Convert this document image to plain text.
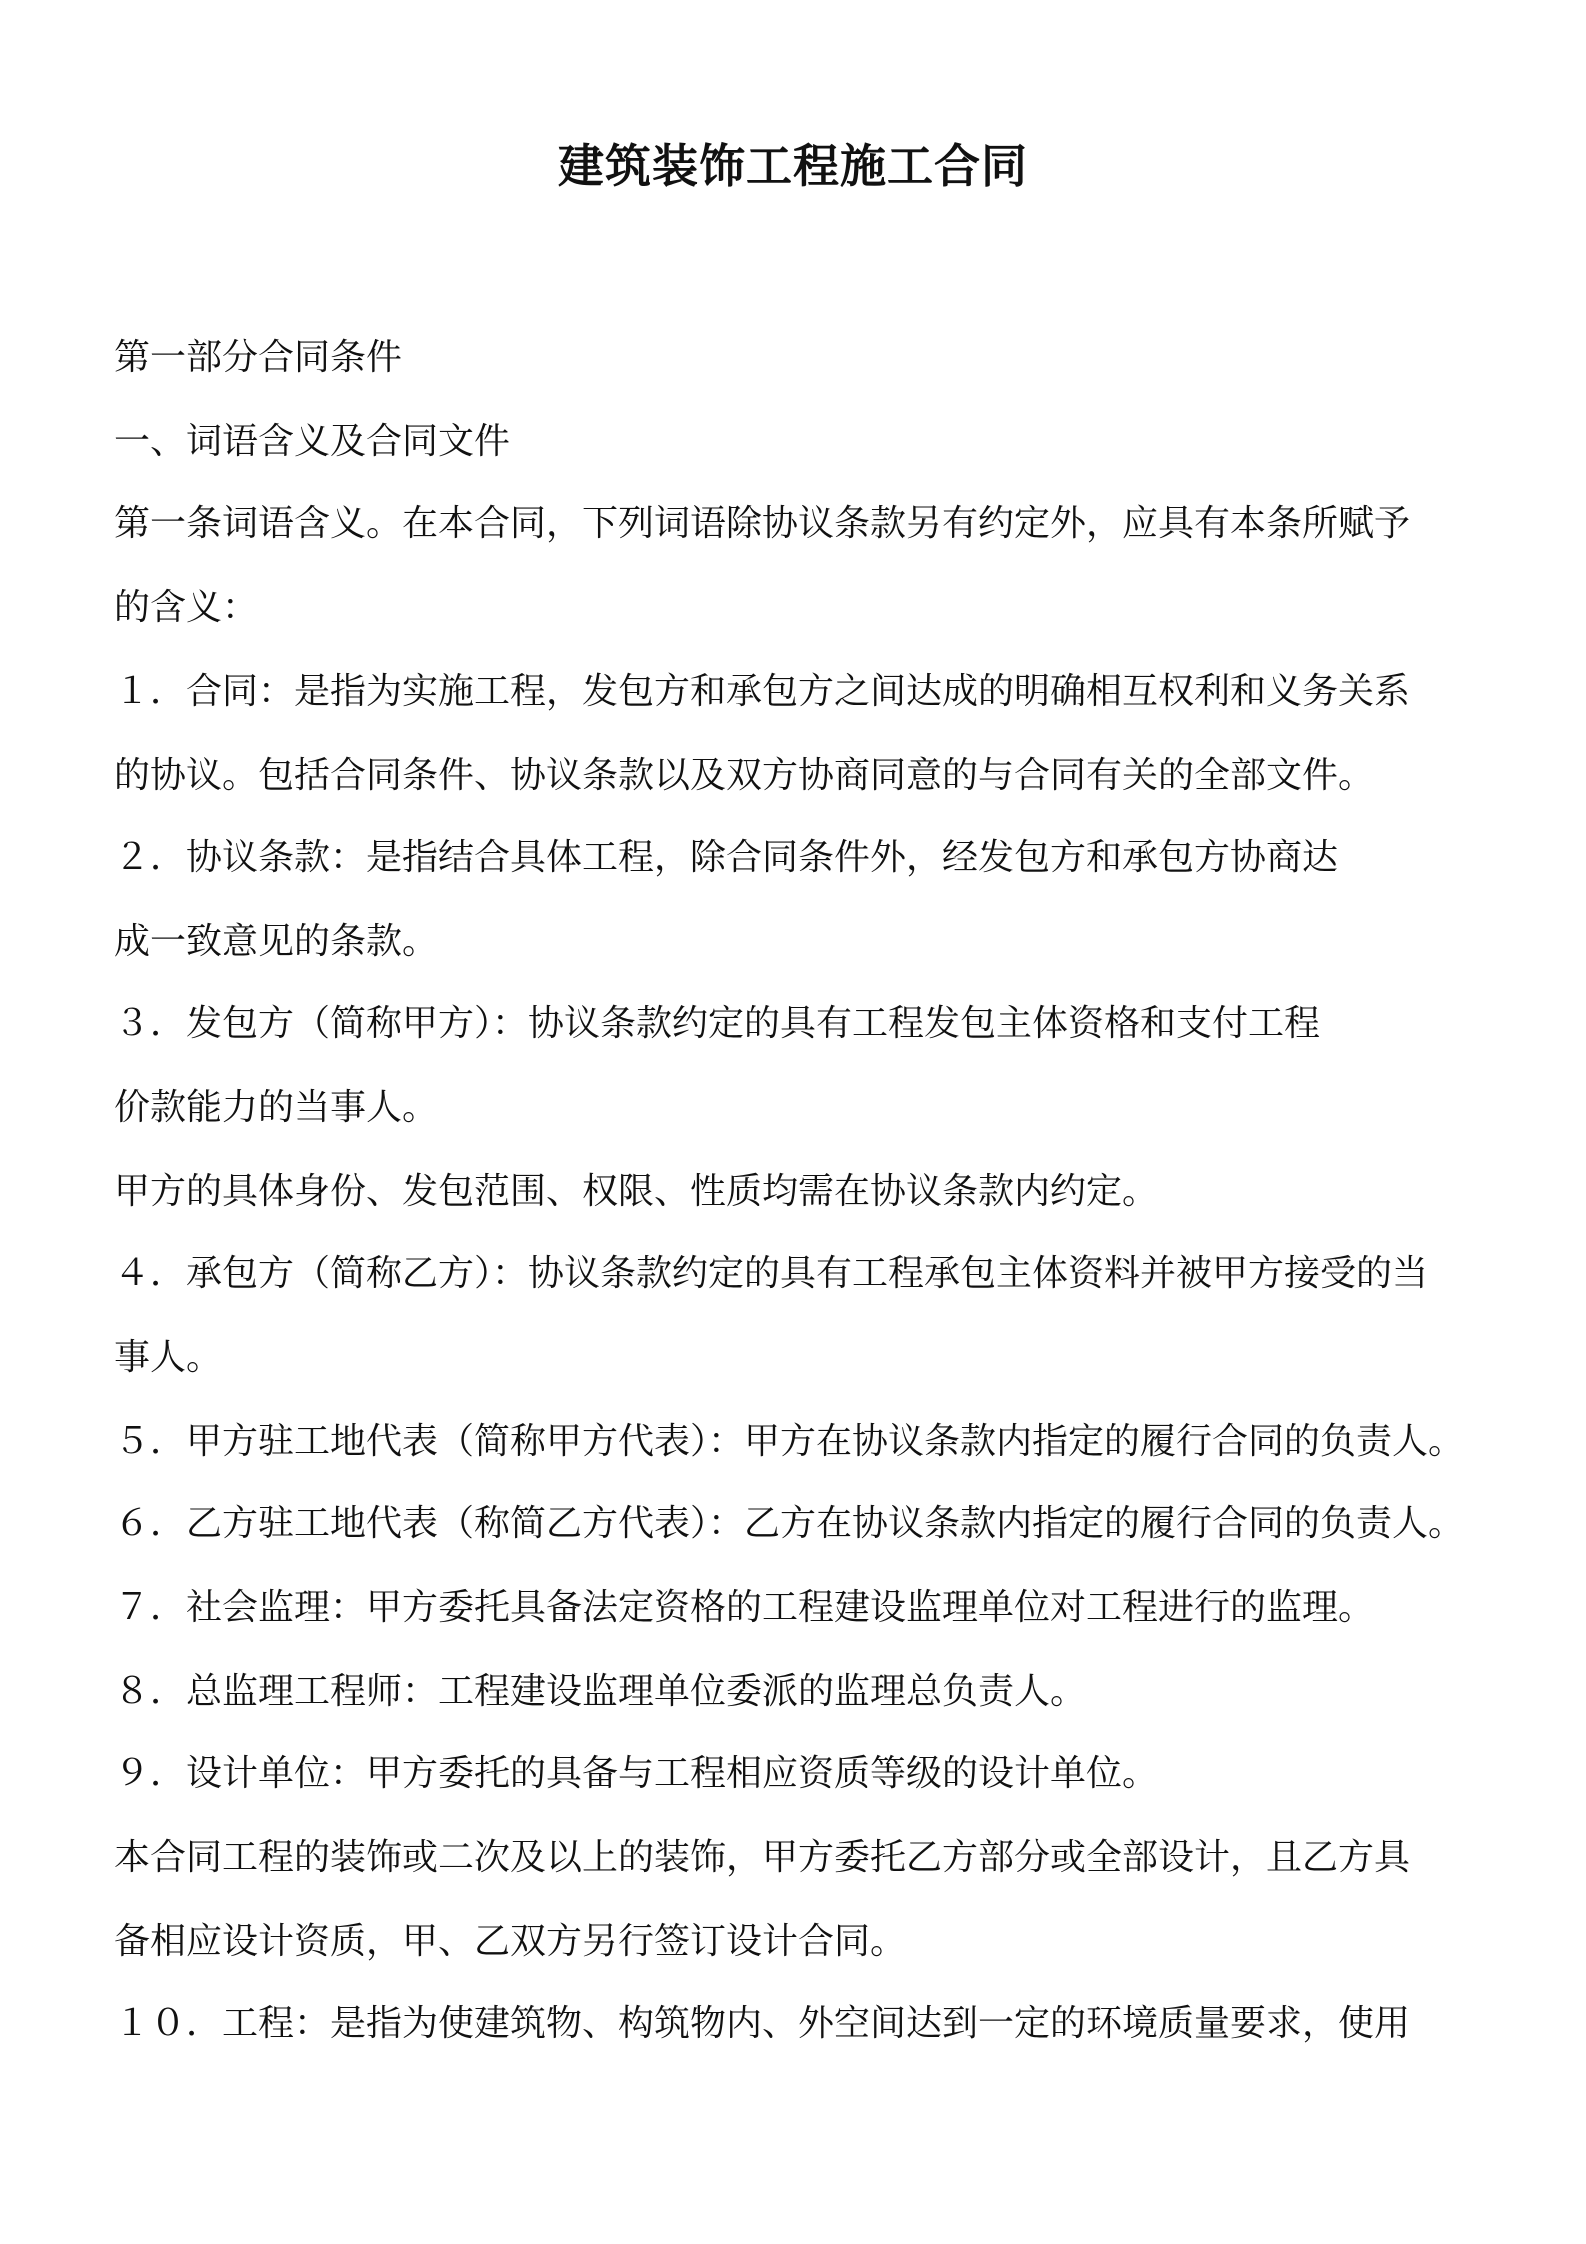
建筑装饰工程施工合同
第一部分合同条件
一、词语含义及合同文件
第一条词语含义。在本合同，下列词语除协议条款另有约定外，应具有本条所赋予
的含义：
１．合同：是指为实施工程，发包方和承包方之间达成的明确相互权利和义务关系
的协议。包括合同条件、协议条款以及双方协商同意的与合同有关的全部文件。
２．协议条款：是指结合具体工程，除合同条件外，经发包方和承包方协商达
成一致意见的条款。
３．发包方（简称甲方）：协议条款约定的具有工程发包主体资格和支付工程
价款能力的当事人。
甲方的具体身份、发包范围、权限、性质均需在协议条款内约定。
４．承包方（简称乙方）：协议条款约定的具有工程承包主体资料并被甲方接受的当
事人。
５．甲方驻工地代表（简称甲方代表）：甲方在协议条款内指定的履行合同的负责人。
６．乙方驻工地代表（称简乙方代表）：乙方在协议条款内指定的履行合同的负责人。
７．社会监理：甲方委托具备法定资格的工程建设监理单位对工程进行的监理。
８．总监理工程师：工程建设监理单位委派的监理总负责人。
９．设计单位：甲方委托的具备与工程相应资质等级的设计单位。
本合同工程的装饰或二次及以上的装饰，甲方委托乙方部分或全部设计，且乙方具
备相应设计资质，甲、乙双方另行签订设计合同。
１０．工程：是指为使建筑物、构筑物内、外空间达到一定的环境质量要求，使用
